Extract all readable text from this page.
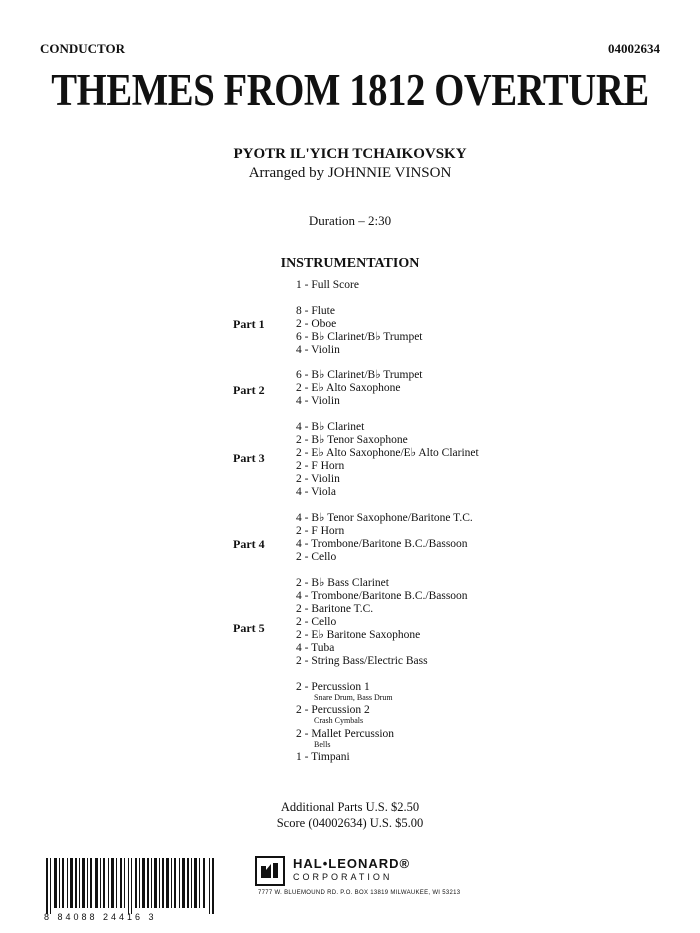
CONDUCTOR	04002634
THEMES FROM 1812 OVERTURE
PYOTR IL'YICH TCHAIKOVSKY
Arranged by JOHNNIE VINSON
Duration – 2:30
INSTRUMENTATION
1 - Full Score
Part 1
8 - Flute
2 - Oboe
6 - B♭ Clarinet/B♭ Trumpet
4 - Violin
Part 2
6 - B♭ Clarinet/B♭ Trumpet
2 - E♭ Alto Saxophone
4 - Violin
Part 3
4 - B♭ Clarinet
2 - B♭ Tenor Saxophone
2 - E♭ Alto Saxophone/E♭ Alto Clarinet
2 - F Horn
2 - Violin
4 - Viola
Part 4
4 - B♭ Tenor Saxophone/Baritone T.C.
2 - F Horn
4 - Trombone/Baritone B.C./Bassoon
2 - Cello
Part 5
2 - B♭ Bass Clarinet
4 - Trombone/Baritone B.C./Bassoon
2 - Baritone T.C.
2 - Cello
2 - E♭ Baritone Saxophone
4 - Tuba
2 - String Bass/Electric Bass
2 - Percussion 1
Snare Drum, Bass Drum
2 - Percussion 2
Crash Cymbals
2 - Mallet Percussion
Bells
1 - Timpani
Additional Parts U.S. $2.50
Score (04002634) U.S. $5.00
8 84088 24416 3
HAL•LEONARD®
CORPORATION
7777 W. BLUEMOUND RD. P.O. BOX 13819 MILWAUKEE, WI 53213
